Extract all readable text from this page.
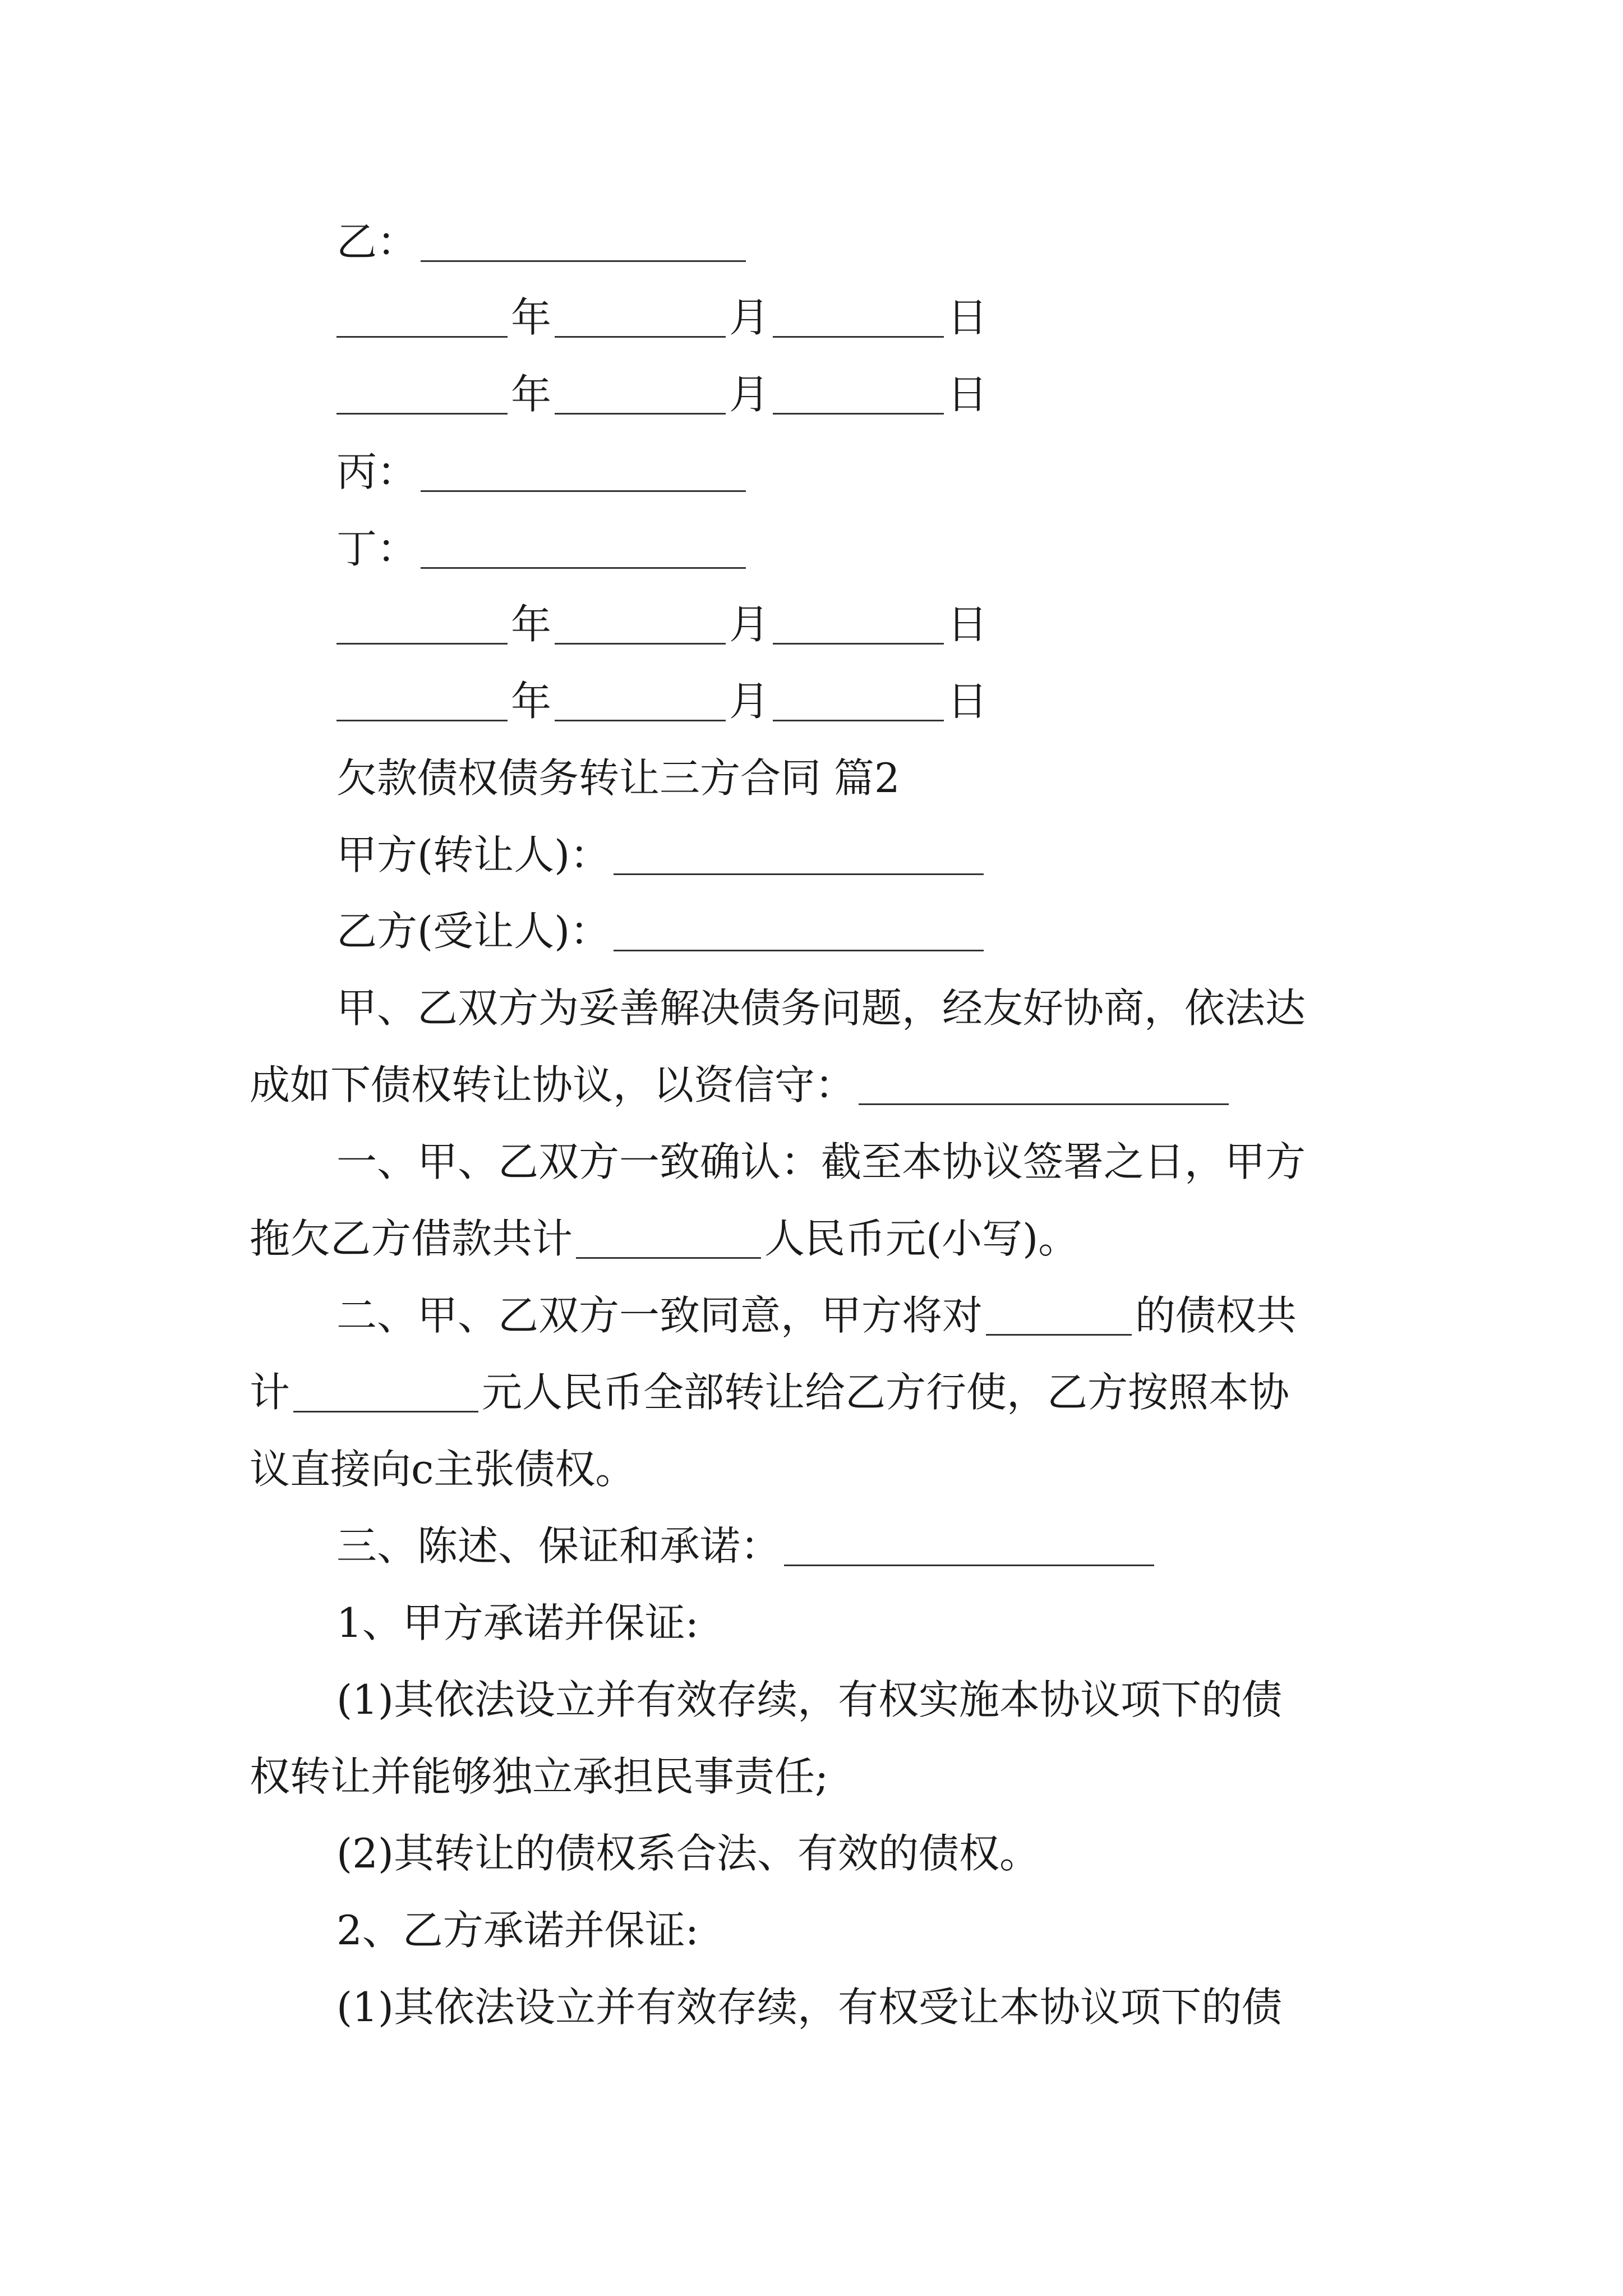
乙：
年	月	日
年	月	日
丙：
丁：
年	月	日
年	月	日
欠款债权债务转让三方合同 篇2
甲方(转让人)：
乙方(受让人)：
甲、乙双方为妥善解决债务问题，经友好协商，依法达
成如下债权转让协议，以资信守：
一、甲、乙双方一致确认：截至本协议签署之日，甲方
拖欠乙方借款共计	人民币元(小写)。
二、甲、乙双方一致同意，甲方将对	的债权共
计	元人民币全部转让给乙方行使，乙方按照本协
议直接向c主张债权。
三、陈述、保证和承诺：
1、甲方承诺并保证:
(1)其依法设立并有效存续，有权实施本协议项下的债
权转让并能够独立承担民事责任;
(2)其转让的债权系合法、有效的债权。
2、乙方承诺并保证:
(1)其依法设立并有效存续，有权受让本协议项下的债
